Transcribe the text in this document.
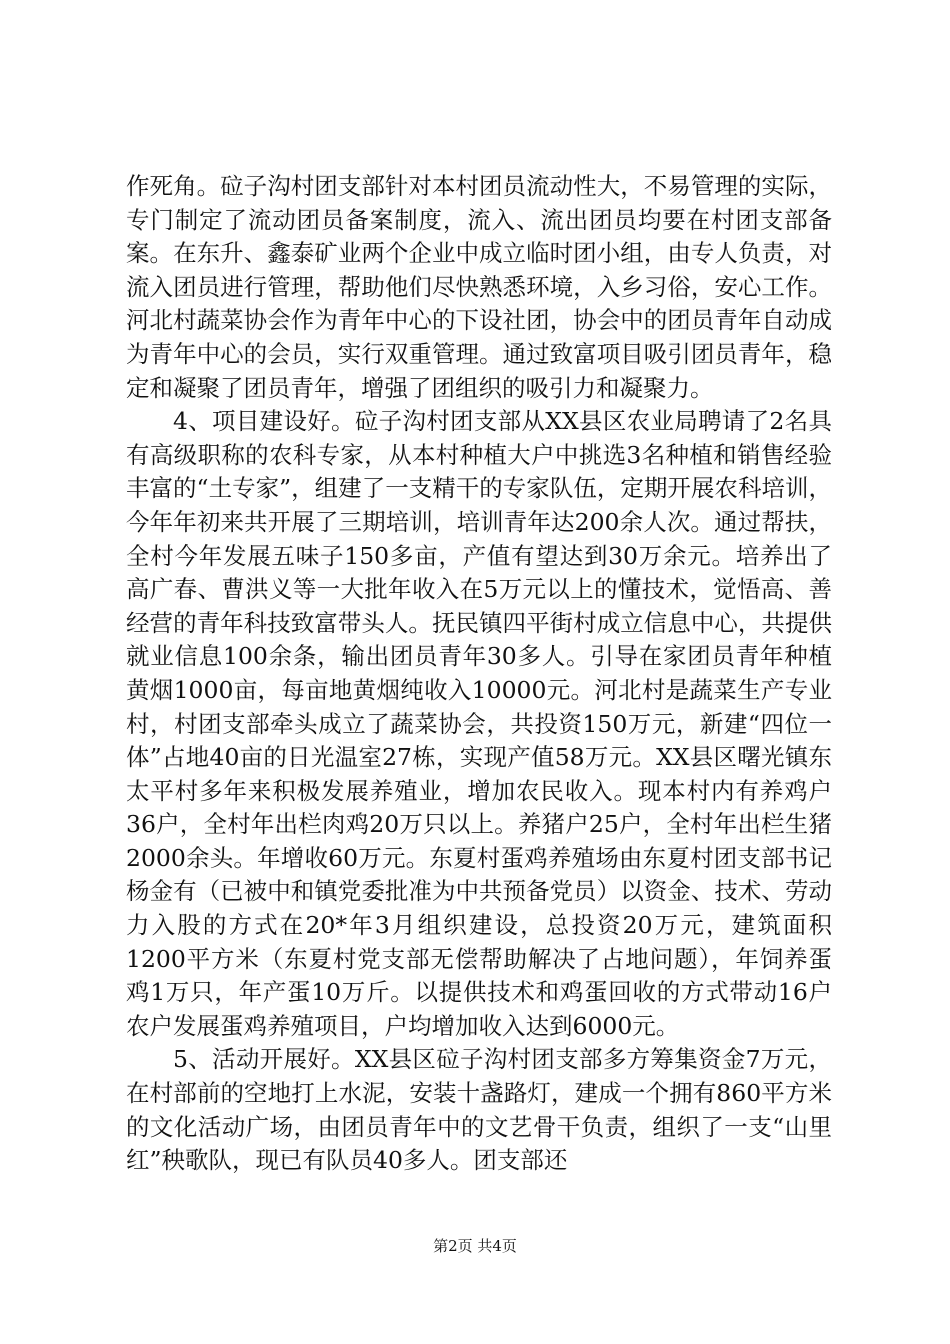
作死角。砬子沟村团支部针对本村团员流动性大，不易管理的实际，专门制定了流动团员备案制度，流入、流出团员均要在村团支部备案。在东升、鑫泰矿业两个企业中成立临时团小组，由专人负责，对流入团员进行管理，帮助他们尽快熟悉环境，入乡习俗，安心工作。河北村蔬菜协会作为青年中心的下设社团，协会中的团员青年自动成为青年中心的会员，实行双重管理。通过致富项目吸引团员青年，稳定和凝聚了团员青年，增强了团组织的吸引力和凝聚力。

4、项目建设好。砬子沟村团支部从XX县区农业局聘请了2名具有高级职称的农科专家，从本村种植大户中挑选3名种植和销售经验丰富的“土专家”，组建了一支精干的专家队伍，定期开展农科培训，今年年初来共开展了三期培训，培训青年达200余人次。通过帮扶，全村今年发展五味子150多亩，产值有望达到30万余元。培养出了高广春、曹洪义等一大批年收入在5万元以上的懂技术，觉悟高、善经营的青年科技致富带头人。抚民镇四平街村成立信息中心，共提供就业信息100余条，输出团员青年30多人。引导在家团员青年种植黄烟1000亩，每亩地黄烟纯收入10000元。河北村是蔬菜生产专业村，村团支部牵头成立了蔬菜协会，共投资150万元，新建“四位一体”占地40亩的日光温室27栋，实现产值58万元。XX县区曙光镇东太平村多年来积极发展养殖业，增加农民收入。现本村内有养鸡户36户，全村年出栏肉鸡20万只以上。养猪户25户，全村年出栏生猪2000余头。年增收60万元。东夏村蛋鸡养殖场由东夏村团支部书记杨金有（已被中和镇党委批准为中共预备党员）以资金、技术、劳动力入股的方式在20*年3月组织建设，总投资20万元，建筑面积1200平方米（东夏村党支部无偿帮助解决了占地问题），年饲养蛋鸡1万只，年产蛋10万斤。以提供技术和鸡蛋回收的方式带动16户农户发展蛋鸡养殖项目，户均增加收入达到6000元。

5、活动开展好。XX县区砬子沟村团支部多方筹集资金7万元，在村部前的空地打上水泥，安装十盏路灯，建成一个拥有860平方米的文化活动广场，由团员青年中的文艺骨干负责，组织了一支“山里红”秧歌队，现已有队员40多人。团支部还

第2页 共4页
